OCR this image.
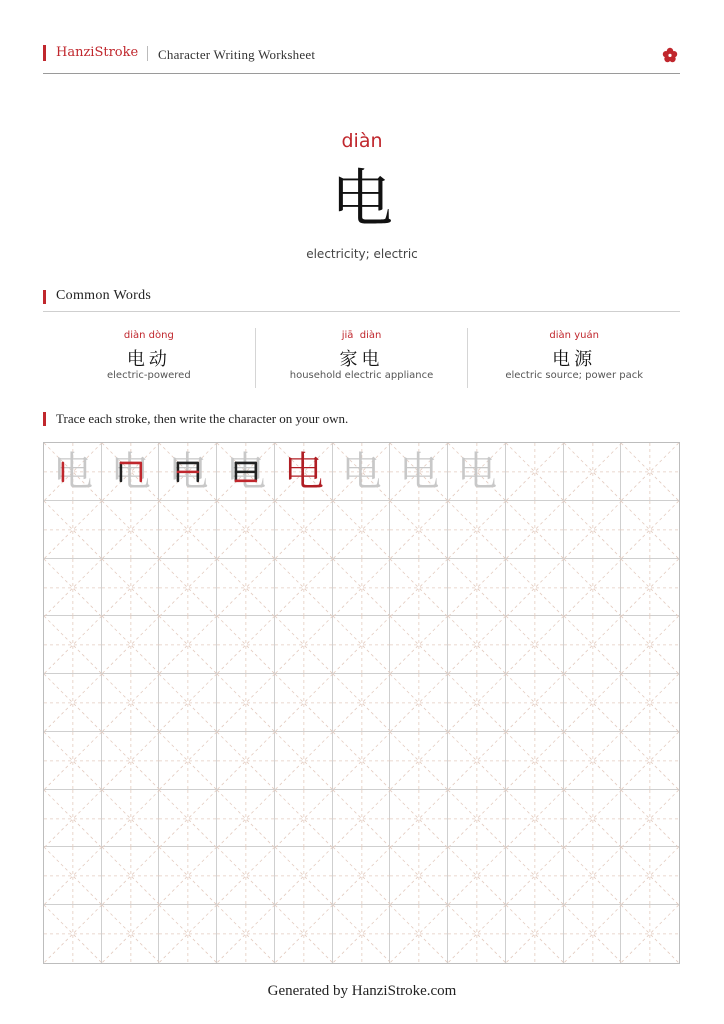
HanziStroke Character Writing Worksheet
diàn
电
electricity; electric
Common Words
diàn dòng
电动
electric-powered
jiā  diàn
家电
household electric appliance
diàn yuán
电源
electric source; power pack
Trace each stroke, then write the character on your own.
电 电 电 电 电 电 电 电
Generated by HanziStroke.com
